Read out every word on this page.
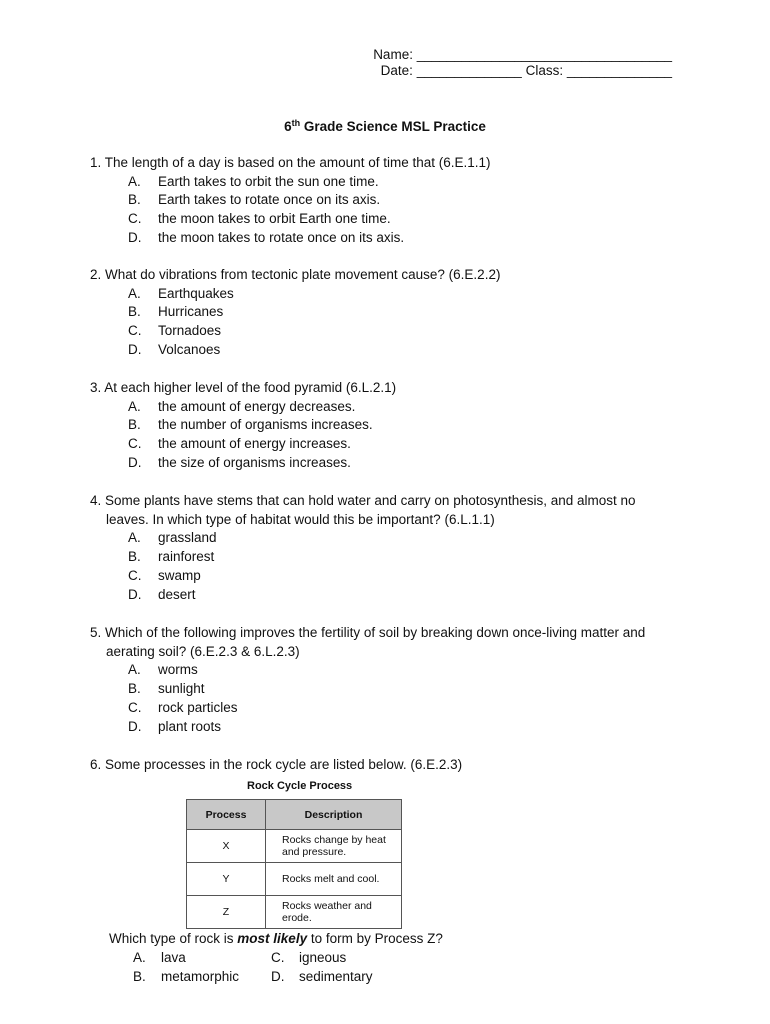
Name: __________________________________
Date: ______________ Class: ______________
6th Grade Science MSL Practice
1. The length of a day is based on the amount of time that (6.E.1.1)
A. Earth takes to orbit the sun one time.
B. Earth takes to rotate once on its axis.
C. the moon takes to orbit Earth one time.
D. the moon takes to rotate once on its axis.
2. What do vibrations from tectonic plate movement cause? (6.E.2.2)
A. Earthquakes
B. Hurricanes
C. Tornadoes
D. Volcanoes
3. At each higher level of the food pyramid (6.L.2.1)
A. the amount of energy decreases.
B. the number of organisms increases.
C. the amount of energy increases.
D. the size of organisms increases.
4. Some plants have stems that can hold water and carry on photosynthesis, and almost no
leaves. In which type of habitat would this be important? (6.L.1.1)
A. grassland
B. rainforest
C. swamp
D. desert
5. Which of the following improves the fertility of soil by breaking down once-living matter and
aerating soil? (6.E.2.3 & 6.L.2.3)
A. worms
B. sunlight
C. rock particles
D. plant roots
6. Some processes in the rock cycle are listed below. (6.E.2.3)
Rock Cycle Process
Process	Description
X	Rocks change by heat and pressure.
Y	Rocks melt and cool.
Z	Rocks weather and erode.
Which type of rock is most likely to form by Process Z?
A. lava	C. igneous
B. metamorphic D. sedimentary
